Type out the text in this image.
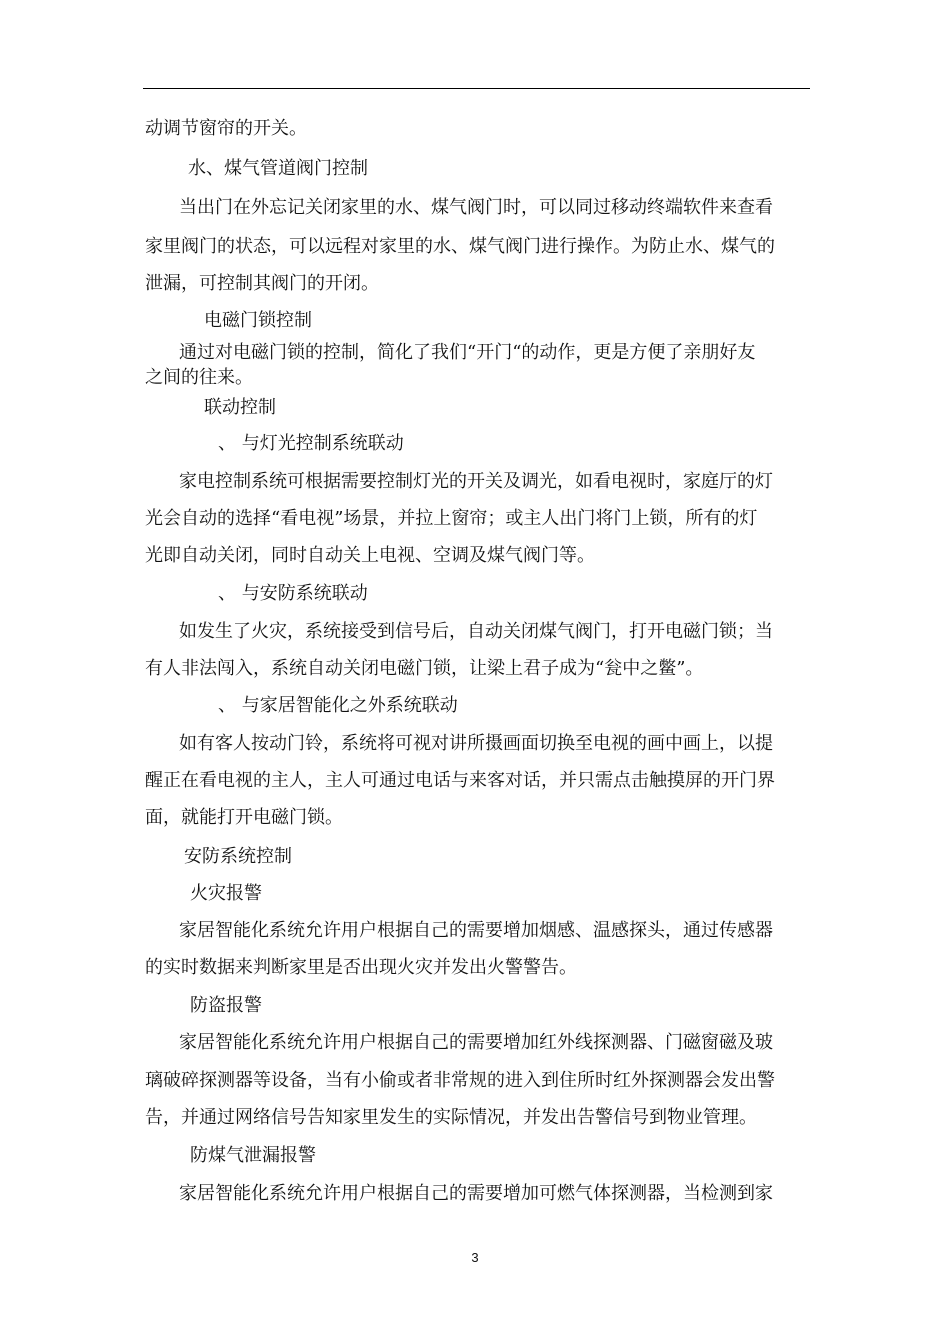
动调节窗帘的开关。
水、煤气管道阀门控制
当出门在外忘记关闭家里的水、煤气阀门时，可以同过移动终端软件来查看
家里阀门的状态，可以远程对家里的水、煤气阀门进行操作。为防止水、煤气的
泄漏，可控制其阀门的开闭。
电磁门锁控制
通过对电磁门锁的控制，简化了我们“开门“的动作，更是方便了亲朋好友
之间的往来。
联动控制
、 与灯光控制系统联动
家电控制系统可根据需要控制灯光的开关及调光，如看电视时，家庭厅的灯
光会自动的选择“看电视”场景，并拉上窗帘；或主人出门将门上锁，所有的灯
光即自动关闭，同时自动关上电视、空调及煤气阀门等。
、 与安防系统联动
如发生了火灾，系统接受到信号后，自动关闭煤气阀门，打开电磁门锁；当
有人非法闯入，系统自动关闭电磁门锁，让梁上君子成为“瓮中之鳖”。
、 与家居智能化之外系统联动
如有客人按动门铃，系统将可视对讲所摄画面切换至电视的画中画上，以提
醒正在看电视的主人，主人可通过电话与来客对话，并只需点击触摸屏的开门界
面，就能打开电磁门锁。
安防系统控制
火灾报警
家居智能化系统允许用户根据自己的需要增加烟感、温感探头，通过传感器
的实时数据来判断家里是否出现火灾并发出火警警告。
防盗报警
家居智能化系统允许用户根据自己的需要增加红外线探测器、门磁窗磁及玻
璃破碎探测器等设备，当有小偷或者非常规的进入到住所时红外探测器会发出警
告，并通过网络信号告知家里发生的实际情况，并发出告警信号到物业管理。
防煤气泄漏报警
家居智能化系统允许用户根据自己的需要增加可燃气体探测器，当检测到家
3
